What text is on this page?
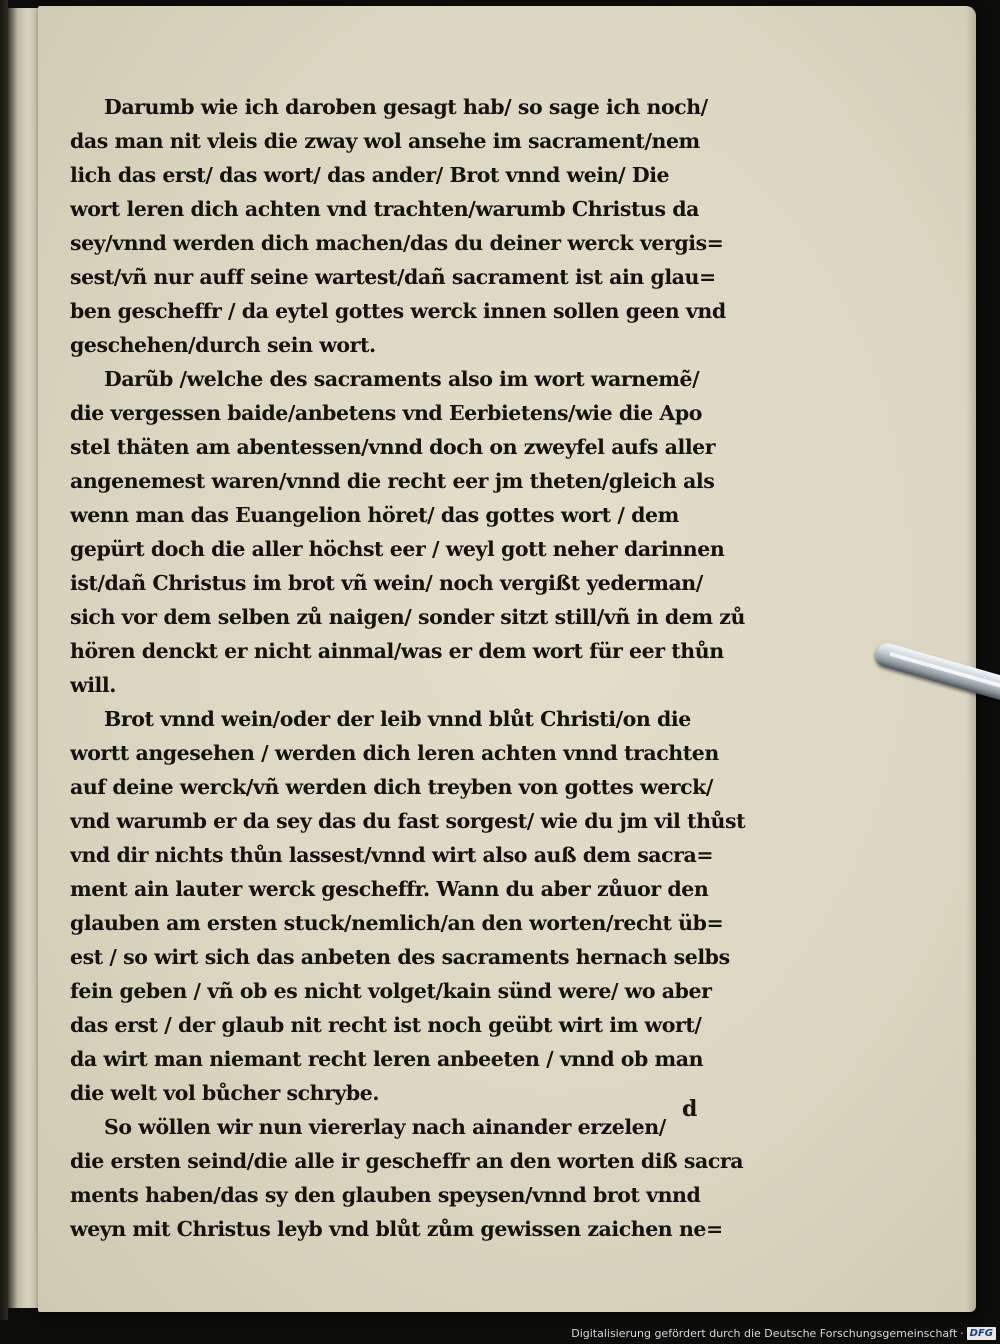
Darumb wie ich daroben gesagt hab/ so sage ich noch/
das man nit vleis die zway wol ansehe im sacrament/nem
lich das erst/ das wort/ das ander/ Brot vnnd wein/ Die
wort leren dich achten vnd trachten/warumb Christus da
sey/vnnd werden dich machen/das du deiner werck vergis=
sest/vñ nur auff seine wartest/dañ sacrament ist ain glau=
ben gescheffr / da eytel gottes werck innen sollen geen vnd
geschehen/durch sein wort.
Darũb /welche des sacraments also im wort warnemẽ/
die vergessen baide/anbetens vnd Eerbietens/wie die Apo
stel thäten am abentessen/vnnd doch on zweyfel aufs aller
angenemest waren/vnnd die recht eer jm theten/gleich als
wenn man das Euangelion höret/ das gottes wort / dem
gepürt doch die aller höchst eer / weyl gott neher darinnen
ist/dañ Christus im brot vñ wein/ noch vergißt yederman/
sich vor dem selben zů naigen/ sonder sitzt still/vñ in dem zů
hören denckt er nicht ainmal/was er dem wort für eer thůn
will.
Brot vnnd wein/oder der leib vnnd blůt Christi/on die
wortt angesehen / werden dich leren achten vnnd trachten
auf deine werck/vñ werden dich treyben von gottes werck/
vnd warumb er da sey das du fast sorgest/ wie du jm vil thůst
vnd dir nichts thůn lassest/vnnd wirt also auß dem sacra=
ment ain lauter werck gescheffr. Wann du aber zůuor den
glauben am ersten stuck/nemlich/an den worten/recht üb=
est / so wirt sich das anbeten des sacraments hernach selbs
fein geben / vñ ob es nicht volget/kain sünd were/ wo aber
das erst / der glaub nit recht ist noch geübt wirt im wort/
da wirt man niemant recht leren anbeeten / vnnd ob man
die welt vol bůcher schrybe.
So wöllen wir nun viererlay nach ainander erzelen/
die ersten seind/die alle ir gescheffr an den worten diß sacra
ments haben/das sy den glauben speysen/vnnd brot vnnd
weyn mit Christus leyb vnd blůt zům gewissen zaichen ne=
d
Digitalisierung gefördert durch die Deutsche Forschungsgemeinschaft · DFG
